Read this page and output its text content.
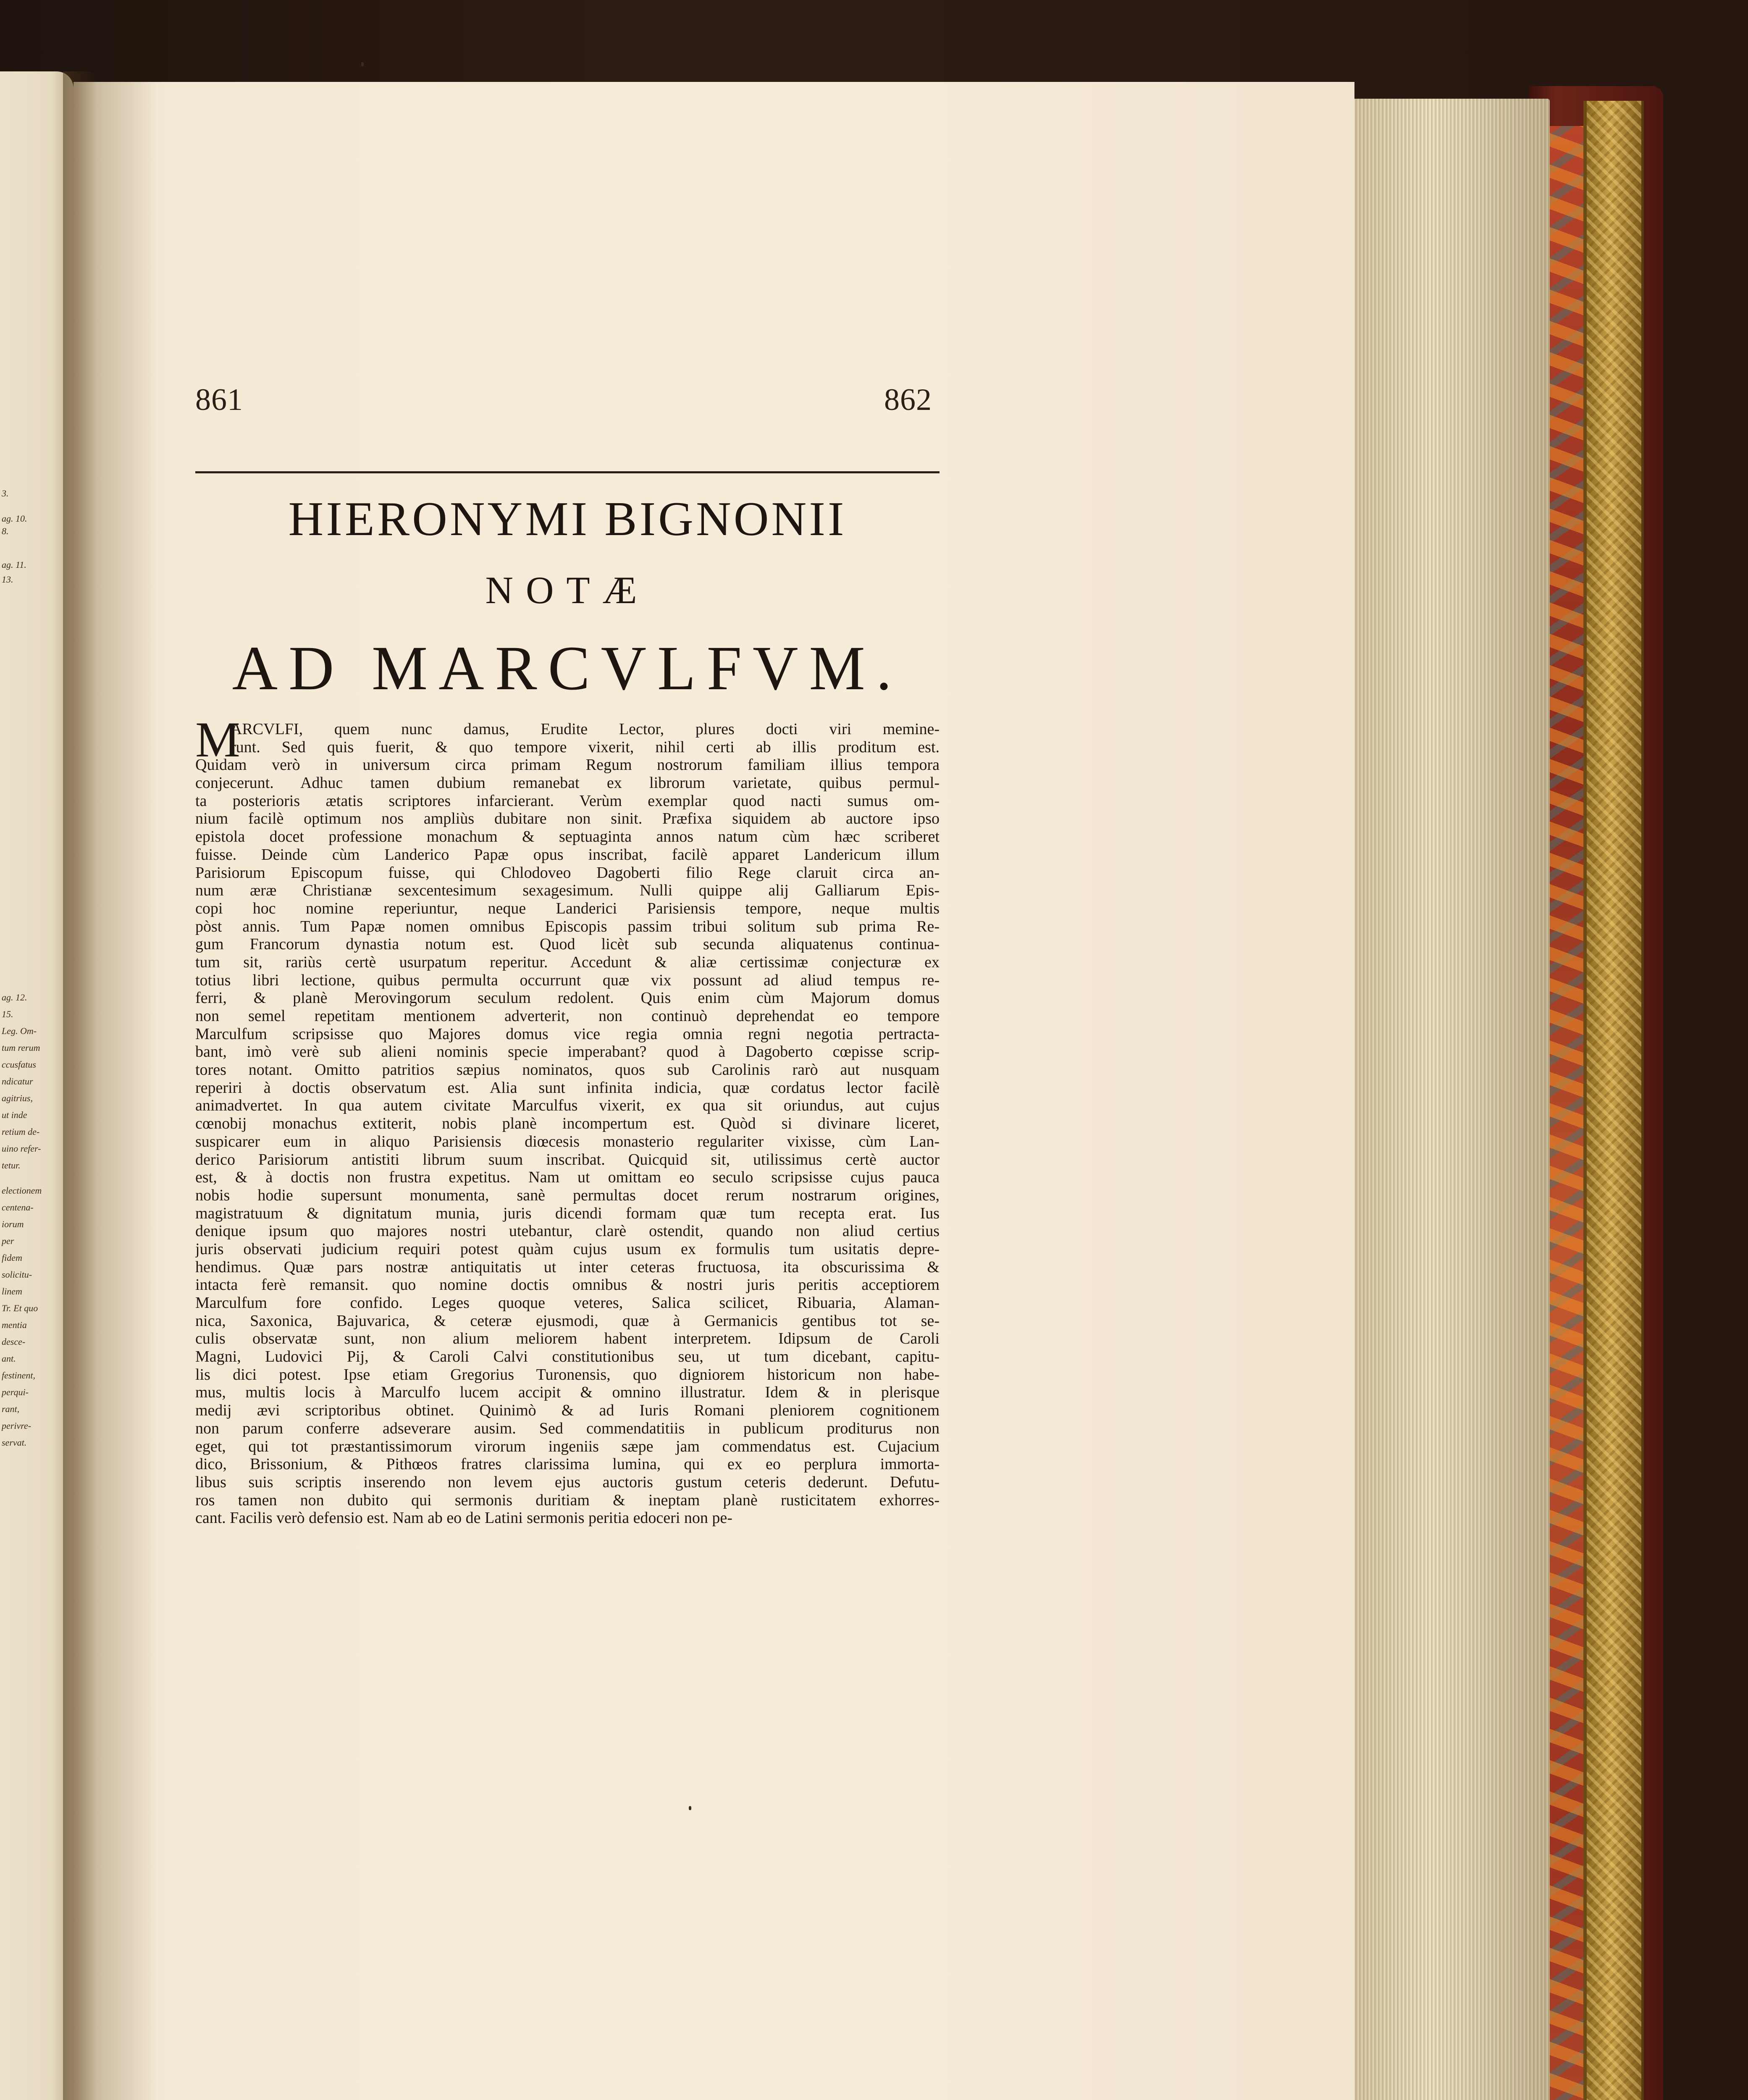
3.
ag. 10.
8.
ag. 11.
13.
ag. 12.
15.
Leg. Om-
tum rerum
ccusfatus
ndicatur
agitrius,
ut inde
retium de-
uino refer-
tetur.
electionem
centena-
iorum
per
fidem
solicitu-
linem
Tr. Et quo
mentia
desce-
ant.
festinent,
perqui-
rant,
perivre-
servat.
861	862
HIERONYMI BIGNONII
NOTÆ
AD MARCVLFVM.
M
ARCVLFI, quem nunc damus, Erudite Lector, plures docti viri memine-
runt. Sed quis fuerit, & quo tempore vixerit, nihil certi ab illis proditum est.
Quidam verò in universum circa primam Regum nostrorum familiam illius tempora
conjecerunt. Adhuc tamen dubium remanebat ex librorum varietate, quibus permul-
ta posterioris ætatis scriptores infarcierant. Verùm exemplar quod nacti sumus om-
nium facilè optimum nos ampliùs dubitare non sinit. Præfixa siquidem ab auctore ipso
epistola docet professione monachum & septuaginta annos natum cùm hæc scriberet
fuisse. Deinde cùm Landerico Papæ opus inscribat, facilè apparet Landericum illum
Parisiorum Episcopum fuisse, qui Chlodoveo Dagoberti filio Rege claruit circa an-
num æræ Christianæ sexcentesimum sexagesimum. Nulli quippe alij Galliarum Epis-
copi hoc nomine reperiuntur, neque Landerici Parisiensis tempore, neque multis
pòst annis. Tum Papæ nomen omnibus Episcopis passim tribui solitum sub prima Re-
gum Francorum dynastia notum est. Quod licèt sub secunda aliquatenus continua-
tum sit, rariùs certè usurpatum reperitur. Accedunt & aliæ certissimæ conjecturæ ex
totius libri lectione, quibus permulta occurrunt quæ vix possunt ad aliud tempus re-
ferri, & planè Merovingorum seculum redolent. Quis enim cùm Majorum domus
non semel repetitam mentionem adverterit, non continuò deprehendat eo tempore
Marculfum scripsisse quo Majores domus vice regia omnia regni negotia pertracta-
bant, imò verè sub alieni nominis specie imperabant? quod à Dagoberto cœpisse scrip-
tores notant. Omitto patritios sæpius nominatos, quos sub Carolinis rarò aut nusquam
reperiri à doctis observatum est. Alia sunt infinita indicia, quæ cordatus lector facilè
animadvertet. In qua autem civitate Marculfus vixerit, ex qua sit oriundus, aut cujus
cœnobij monachus extiterit, nobis planè incompertum est. Quòd si divinare liceret,
suspicarer eum in aliquo Parisiensis diœcesis monasterio regulariter vixisse, cùm Lan-
derico Parisiorum antistiti librum suum inscribat. Quicquid sit, utilissimus certè auctor
est, & à doctis non frustra expetitus. Nam ut omittam eo seculo scripsisse cujus pauca
nobis hodie supersunt monumenta, sanè permultas docet rerum nostrarum origines,
magistratuum & dignitatum munia, juris dicendi formam quæ tum recepta erat. Ius
denique ipsum quo majores nostri utebantur, clarè ostendit, quando non aliud certius
juris observati judicium requiri potest quàm cujus usum ex formulis tum usitatis depre-
hendimus. Quæ pars nostræ antiquitatis ut inter ceteras fructuosa, ita obscurissima &
intacta ferè remansit. quo nomine doctis omnibus & nostri juris peritis acceptiorem
Marculfum fore confido. Leges quoque veteres, Salica scilicet, Ribuaria, Alaman-
nica, Saxonica, Bajuvarica, & ceteræ ejusmodi, quæ à Germanicis gentibus tot se-
culis observatæ sunt, non alium meliorem habent interpretem. Idipsum de Caroli
Magni, Ludovici Pij, & Caroli Calvi constitutionibus seu, ut tum dicebant, capitu-
lis dici potest. Ipse etiam Gregorius Turonensis, quo digniorem historicum non habe-
mus, multis locis à Marculfo lucem accipit & omnino illustratur. Idem & in plerisque
medij ævi scriptoribus obtinet. Quinimò & ad Iuris Romani pleniorem cognitionem
non parum conferre adseverare ausim. Sed commendatitiis in publicum proditurus non
eget, qui tot præstantissimorum virorum ingeniis sæpe jam commendatus est. Cujacium
dico, Brissonium, & Pithœos fratres clarissima lumina, qui ex eo perplura immorta-
libus suis scriptis inserendo non levem ejus auctoris gustum ceteris dederunt. Defutu-
ros tamen non dubito qui sermonis duritiam & ineptam planè rusticitatem exhorres-
cant. Facilis verò defensio est. Nam ab eo de Latini sermonis peritia edoceri non pe-
